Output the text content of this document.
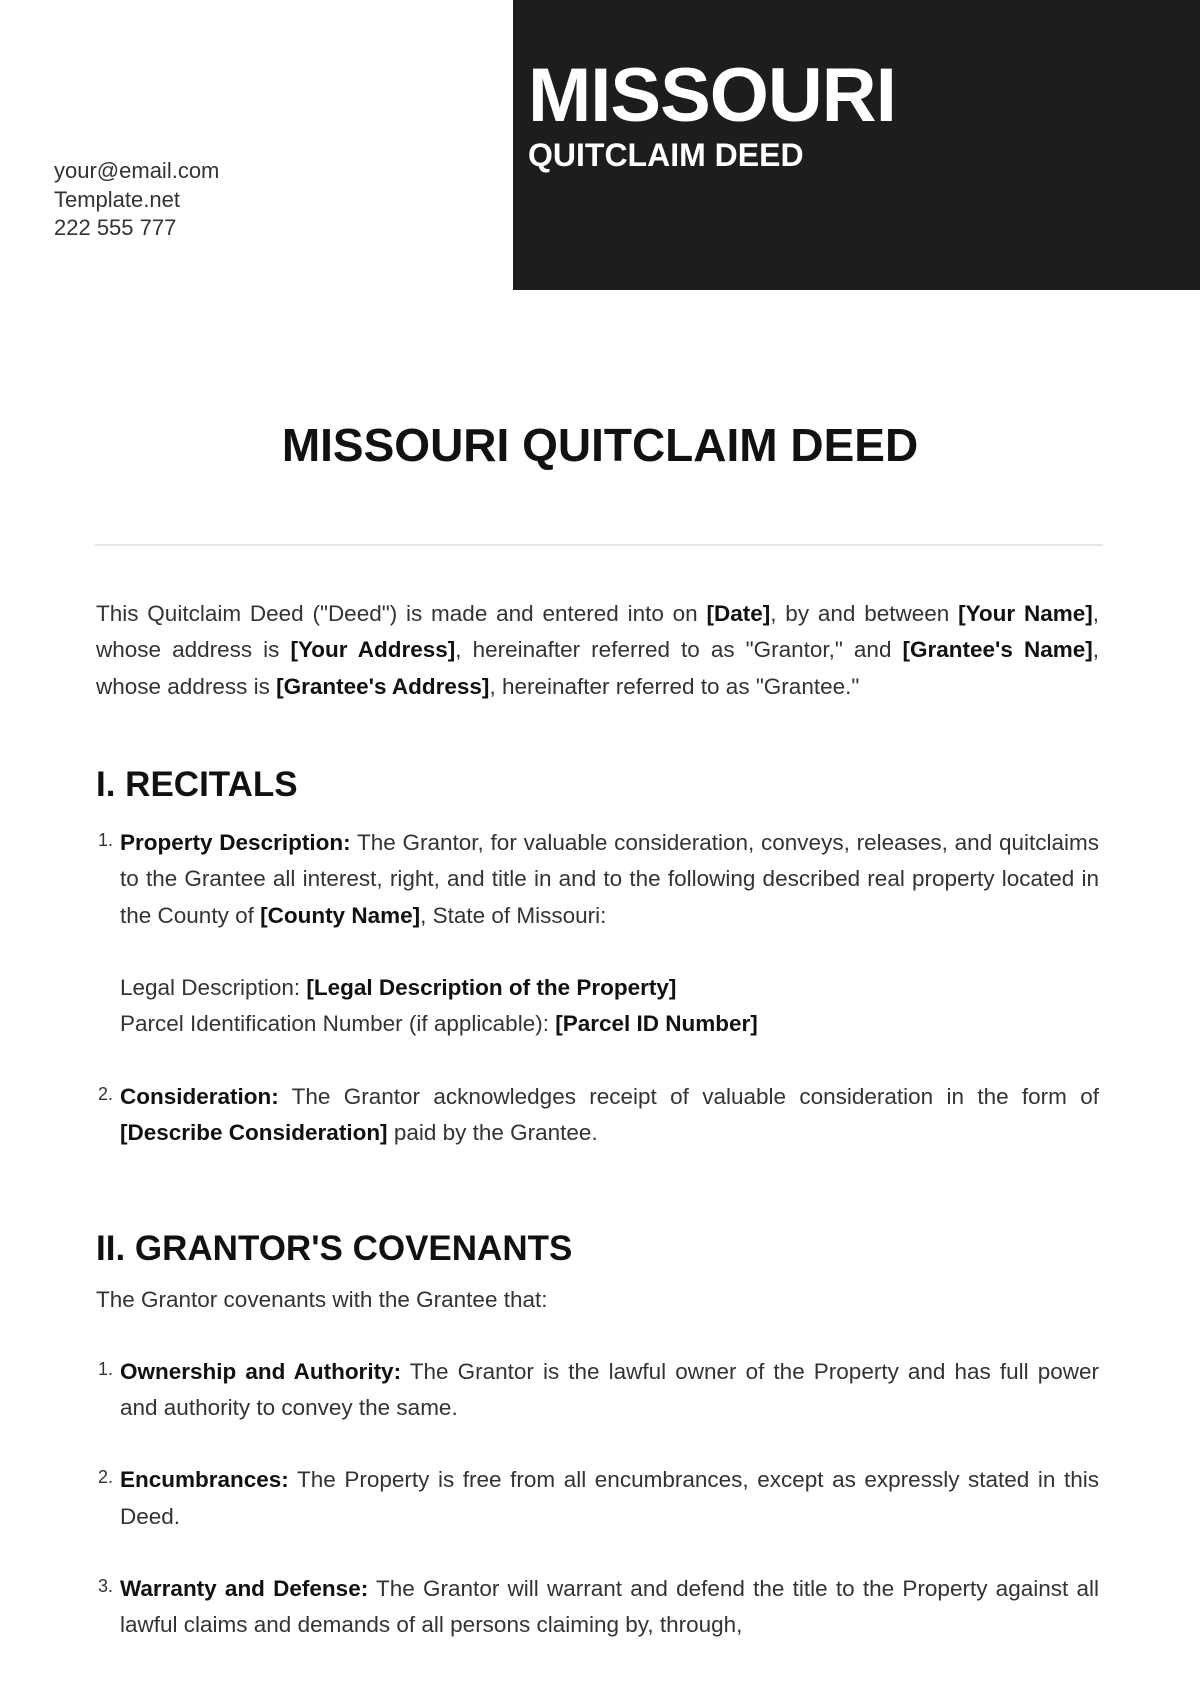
MISSOURI
QUITCLAIM DEED
your@email.com
Template.net
222 555 777
MISSOURI QUITCLAIM DEED

This Quitclaim Deed ("Deed") is made and entered into on [Date], by and between [Your Name], whose address is [Your Address], hereinafter referred to as "Grantor," and [Grantee's Name], whose address is [Grantee's Address], hereinafter referred to as "Grantee."

I. RECITALS
1. Property Description: The Grantor, for valuable consideration, conveys, releases, and quitclaims to the Grantee all interest, right, and title in and to the following described real property located in the County of [County Name], State of Missouri:
Legal Description: [Legal Description of the Property]
Parcel Identification Number (if applicable): [Parcel ID Number]
2. Consideration: The Grantor acknowledges receipt of valuable consideration in the form of [Describe Consideration] paid by the Grantee.
II. GRANTOR'S COVENANTS

The Grantor covenants with the Grantee that:

1. Ownership and Authority: The Grantor is the lawful owner of the Property and has full power and authority to convey the same.
2. Encumbrances: The Property is free from all encumbrances, except as expressly stated in this Deed.
3. Warranty and Defense: The Grantor will warrant and defend the title to the Property against all lawful claims and demands of all persons claiming by, through,
